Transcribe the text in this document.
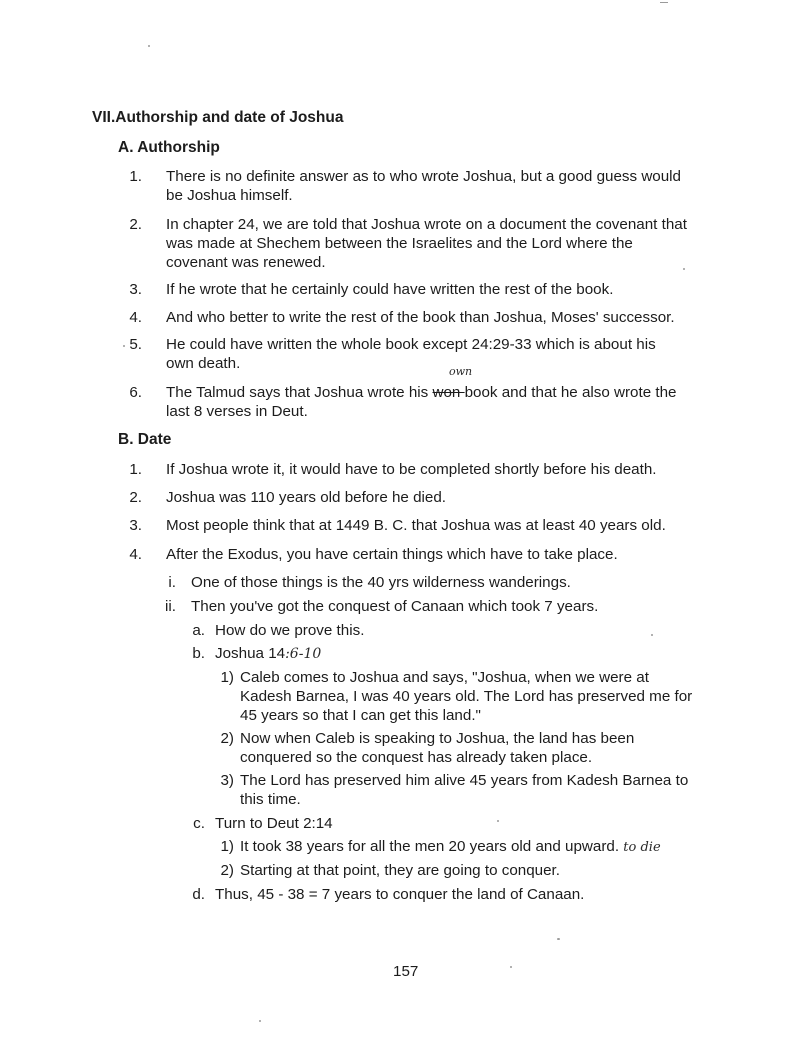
VII.Authorship and date of Joshua
A. Authorship
1. There is no definite answer as to who wrote Joshua, but a good guess would
be Joshua himself.
2. In chapter 24, we are told that Joshua wrote on a document the covenant that
was made at Shechem between the Israelites and the Lord where the
covenant was renewed.
3. If he wrote that he certainly could have written the rest of the book.
4. And who better to write the rest of the book than Joshua, Moses' successor.
5. He could have written the whole book except 24:29-33 which is about his
own death.	own
6. The Talmud says that Joshua wrote his won book and that he also wrote the
last 8 verses in Deut.
B. Date
1. If Joshua wrote it, it would have to be completed shortly before his death.
2. Joshua was 110 years old before he died.
3. Most people think that at 1449 B. C. that Joshua was at least 40 years old.
4. After the Exodus, you have certain things which have to take place.
i. One of those things is the 40 yrs wilderness wanderings.
ii. Then you've got the conquest of Canaan which took 7 years.
a. How do we prove this.
b. Joshua 14:6-10
1) Caleb comes to Joshua and says, "Joshua, when we were at
Kadesh Barnea, I was 40 years old. The Lord has preserved me for
45 years so that I can get this land."
2) Now when Caleb is speaking to Joshua, the land has been
conquered so the conquest has already taken place.
3) The Lord has preserved him alive 45 years from Kadesh Barnea to
this time.
c. Turn to Deut 2:14
1) It took 38 years for all the men 20 years old and upward. to die
2) Starting at that point, they are going to conquer.
d. Thus, 45 - 38 = 7 years to conquer the land of Canaan.
157
